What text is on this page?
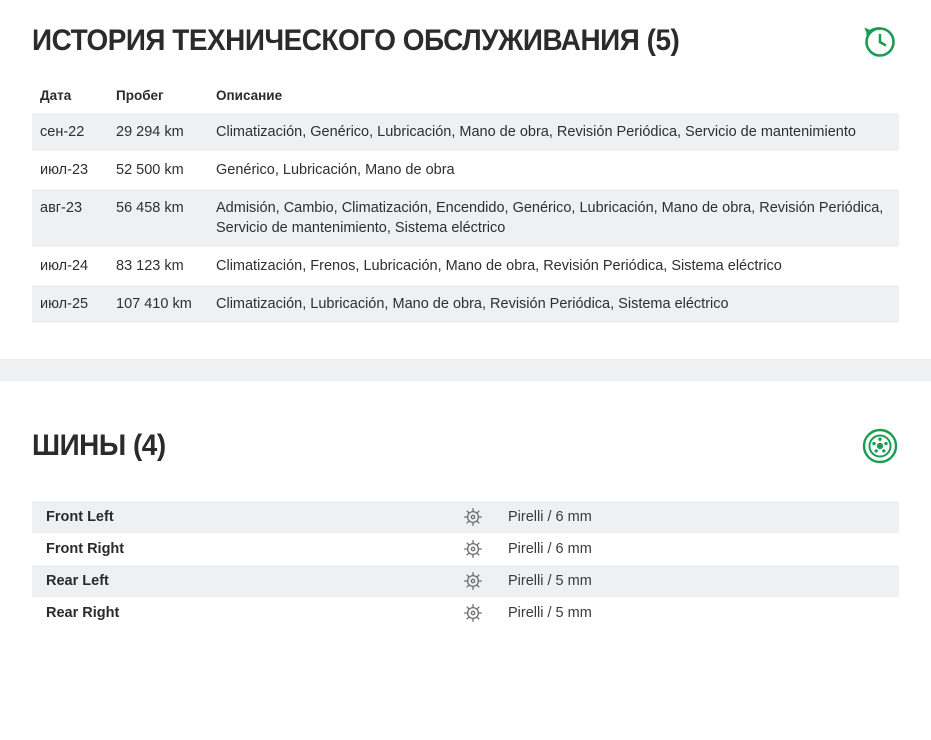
ИСТОРИЯ ТЕХНИЧЕСКОГО ОБСЛУЖИВАНИЯ (5)
Дата	Пробег	Описание
сен-22	29 294 km	Climatización, Genérico, Lubricación, Mano de obra, Revisión Periódica, Servicio de mantenimiento
июл-23	52 500 km	Genérico, Lubricación, Mano de obra
авг-23	56 458 km	Admisión, Cambio, Climatización, Encendido, Genérico, Lubricación, Mano de obra, Revisión Periódica, Servicio de mantenimiento, Sistema eléctrico
июл-24	83 123 km	Climatización, Frenos, Lubricación, Mano de obra, Revisión Periódica, Sistema eléctrico
июл-25	107 410 km	Climatización, Lubricación, Mano de obra, Revisión Periódica, Sistema eléctrico
ШИНЫ (4)
Front Left	Pirelli / 6 mm
Front Right	Pirelli / 6 mm
Rear Left	Pirelli / 5 mm
Rear Right	Pirelli / 5 mm
